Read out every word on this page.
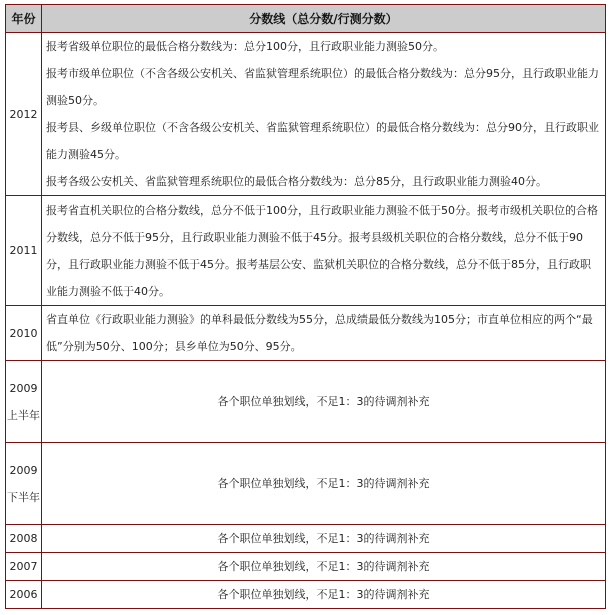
年份	分数线（总分数/行测分数）
2012	报考省级单位职位的最低合格分数线为：总分100分，且行政职业能力测验50分。

报考市级单位职位（不含各级公安机关、省监狱管理系统职位）的最低合格分数线为：总分95分，且行政职业能力测验50分。

报考县、乡级单位职位（不含各级公安机关、省监狱管理系统职位）的最低合格分数线为：总分90分，且行政职业能力测验45分。

报考各级公安机关、省监狱管理系统职位的最低合格分数线为：总分85分，且行政职业能力测验40分。

2011	报考省直机关职位的合格分数线，总分不低于100分，且行政职业能力测验不低于50分。报考市级机关职位的合格分数线，总分不低于95分，且行政职业能力测验不低于45分。报考县级机关职位的合格分数线，总分不低于90分，且行政职业能力测验不低于45分。报考基层公安、监狱机关职位的合格分数线，总分不低于85分，且行政职业能力测验不低于40分。
2010	省直单位《行政职业能力测验》的单科最低分数线为55分，总成绩最低分数线为105分；市直单位相应的两个“最低”分别为50分、100分；县乡单位为50分、95分。
2009上半年	各个职位单独划线，不足1：3的待调剂补充
2009下半年	各个职位单独划线，不足1：3的待调剂补充
2008	各个职位单独划线，不足1：3的待调剂补充
2007	各个职位单独划线，不足1：3的待调剂补充
2006	各个职位单独划线，不足1：3的待调剂补充
